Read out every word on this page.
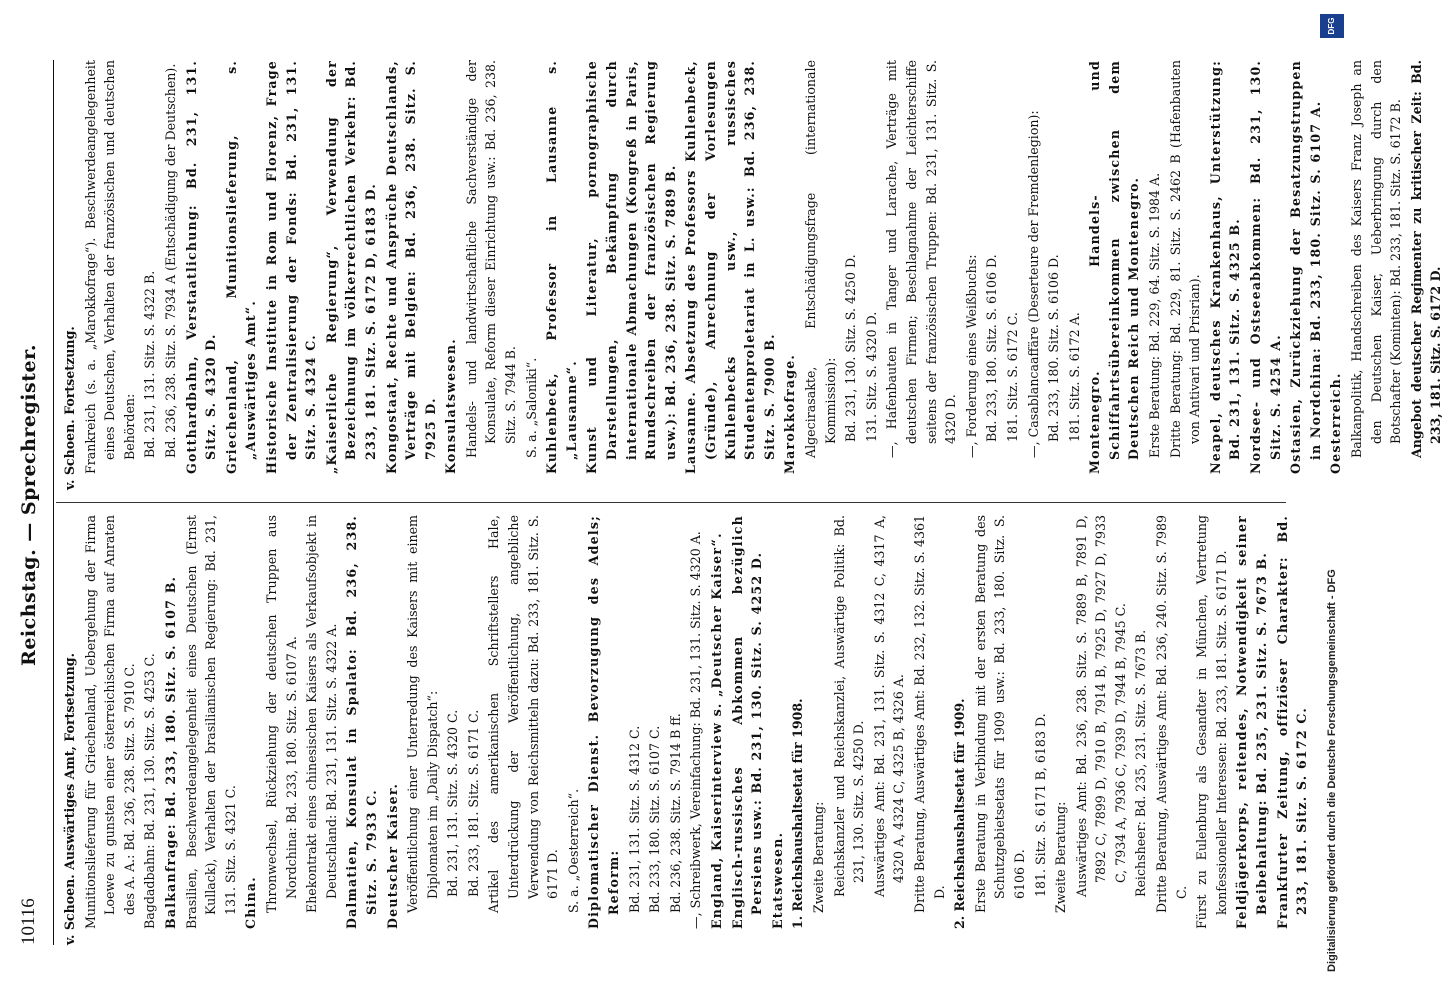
10116
Reichstag. — Sprechregister.
v. Schoen. Auswärtiges Amt, Fortsetzung. Munitionslieferung für Griechenland, Uebergehung der Firma Loewe zu gunsten einer österreichischen Firma auf Anraten des A. A.: Bd. 236, 238. Sitz. S. 7910 C. Bagdadbahn: Bd. 231, 130. Sitz. S. 4253 C. Balkanfrage: Bd. 233, 180. Sitz. S. 6107 B. Brasilien, Beschwerdeangelegenheit eines Deutschen (Ernst Kullack), Verhalten der brasilianischen Regierung: Bd. 231, 131. Sitz. S. 4321 C. China. Thronwechsel, Rückziehung der deutschen Truppen aus Nordchina: Bd. 233, 180. Sitz. S. 6107 A. Ehekontrakt eines chinesischen Kaisers als Verkaufsobjekt in Deutschland: Bd. 231, 131. Sitz. S. 4322 A. Dalmatien, Konsulat in Spalato: Bd. 236, 238. Sitz. S. 7933 C. Deutscher Kaiser. Veröffentlichung einer Unterredung des Kaisers mit einem Diplomaten im „Daily Dispatch“: Bd. 231, 131. Sitz. S. 4320 C. Bd. 233, 181. Sitz. S. 6171 C. Artikel des amerikanischen Schriftstellers Hale, Unterdrückung der Veröffentlichung, angebliche Verwendung von Reichsmitteln dazu: Bd. 233, 181. Sitz. S. 6171 D. S. a. „Oesterreich“. Diplomatischer Dienst. Bevorzugung des Adels; Reform: Bd. 231, 131. Sitz. S. 4312 C. Bd. 233, 180. Sitz. S. 6107 C. Bd. 236, 238. Sitz. S. 7914 B ff. —, Schreibwerk, Vereinfachung: Bd. 231, 131. Sitz. S. 4320 A. England, Kaiserinterview s. „Deutscher Kaiser“. Englisch-russisches Abkommen bezüglich Persiens usw.: Bd. 231, 130. Sitz. S. 4252 D. Etatswesen. 1. Reichshaushaltsetat für 1908. Zweite Beratung: Reichskanzler und Reichskanzlei, Auswärtige Politik: Bd. 231, 130. Sitz. S. 4250 D. Auswärtiges Amt: Bd. 231, 131. Sitz. S. 4312 C, 4317 A, 4320 A, 4324 C, 4325 B, 4326 A. Dritte Beratung, Auswärtiges Amt: Bd. 232, 132. Sitz. S. 4361 D. 2. Reichshaushaltsetat für 1909. Erste Beratung in Verbindung mit der ersten Beratung des Schutzgebietsetats für 1909 usw.: Bd. 233, 180. Sitz. S. 6106 D. 181. Sitz. S. 6171 B, 6183 D. Zweite Beratung: Auswärtiges Amt: Bd. 236, 238. Sitz. S. 7889 B, 7891 D, 7892 C, 7899 D, 7910 B, 7914 B, 7925 D, 7927 D, 7933 C, 7934 A, 7936 C, 7939 D, 7944 B, 7945 C. Reichsheer: Bd. 235, 231. Sitz. S. 7673 B. Dritte Beratung, Auswärtiges Amt: Bd. 236, 240. Sitz. S. 7989 C. Fürst zu Eulenburg als Gesandter in München, Vertretung konfessioneller Interessen: Bd. 233, 181. Sitz. S. 6171 D. Feldjägerkorps, reitendes, Notwendigkeit seiner Beibehaltung: Bd. 235, 231. Sitz. S. 7673 B. Frankfurter Zeitung, offiziöser Charakter: Bd. 233, 181. Sitz. S. 6172 C.
v. Schoen. Fortsetzung. Frankreich (s. a. „Marokkofrage“). Beschwerdeangelegenheit eines Deutschen, Verhalten der französischen und deutschen Behörden: Bd. 231, 131. Sitz. S. 4322 B. Bd. 236, 238. Sitz. S. 7934 A (Entschädigung der Deutschen). Gotthardbahn, Verstaatlichung: Bd. 231, 131. Sitz. S. 4320 D. Griechenland, Munitionslieferung, s. „Auswärtiges Amt“. Historische Institute in Rom und Florenz, Frage der Zentralisierung der Fonds: Bd. 231, 131. Sitz. S. 4324 C. „Kaiserliche Regierung“, Verwendung der Bezeichnung im völkerrechtlichen Verkehr: Bd. 233, 181. Sitz. S. 6172 D, 6183 D. Kongostaat, Rechte und Ansprüche Deutschlands, Verträge mit Belgien: Bd. 236, 238. Sitz. S. 7925 D. Konsulatswesen. Handels- und landwirtschaftliche Sachverständige der Konsulate, Reform dieser Einrichtung usw.: Bd. 236, 238. Sitz. S. 7944 B. S. a. „Saloniki“. Kuhlenbeck, Professor in Lausanne s. „Lausanne“. Kunst und Literatur, pornographische Darstellungen, Bekämpfung durch internationale Abmachungen (Kongreß in Paris, Rundschreiben der französischen Regierung usw.): Bd. 236, 238. Sitz. S. 7889 B. Lausanne. Absetzung des Professors Kuhlenbeck, (Gründe), Anrechnung der Vorlesungen Kuhlenbecks usw., russisches Studentenproletariat in L. usw.: Bd. 236, 238. Sitz. S. 7900 B. Marokkofrage. Algecirasakte, Entschädigungsfrage (internationale Kommission): Bd. 231, 130. Sitz. S. 4250 D. 131. Sitz. S. 4320 D. —, Hafenbauten in Tanger und Larache, Verträge mit deutschen Firmen; Beschlagnahme der Leichterschiffe seitens der französischen Truppen: Bd. 231, 131. Sitz. S. 4320 D. —, Forderung eines Weißbuchs: Bd. 233, 180. Sitz. S. 6106 D. 181. Sitz. S. 6172 C. —, Casablancaaffäre (Deserteure der Fremdenlegion): Bd. 233, 180. Sitz. S. 6106 D. 181. Sitz. S. 6172 A. Montenegro. Handels- und Schiffahrtsübereinkommen zwischen dem Deutschen Reich und Montenegro. Erste Beratung: Bd. 229, 64. Sitz. S. 1984 A. Dritte Beratung: Bd. 229, 81. Sitz. S. 2462 B (Hafenbauten von Antivari und Prisrian). Neapel, deutsches Krankenhaus, Unterstützung: Bd. 231, 131. Sitz. S. 4325 B. Nordsee- und Ostseeabkommen: Bd. 231, 130. Sitz. S. 4254 A. Ostasien, Zurückziehung der Besatzungstruppen in Nordchina: Bd. 233, 180. Sitz. S. 6107 A. Oesterreich. Balkanpolitik, Handschreiben des Kaisers Franz Joseph an den Deutschen Kaiser, Ueberbringung durch den Botschafter (Kominten): Bd. 233, 181. Sitz. S. 6172 B. Angebot deutscher Regimenter zu kritischer Zeit: Bd. 233, 181. Sitz. S. 6172 D.
Digitalisierung gefördert durch die Deutsche Forschungsgemeinschaft - DFG
DFG
